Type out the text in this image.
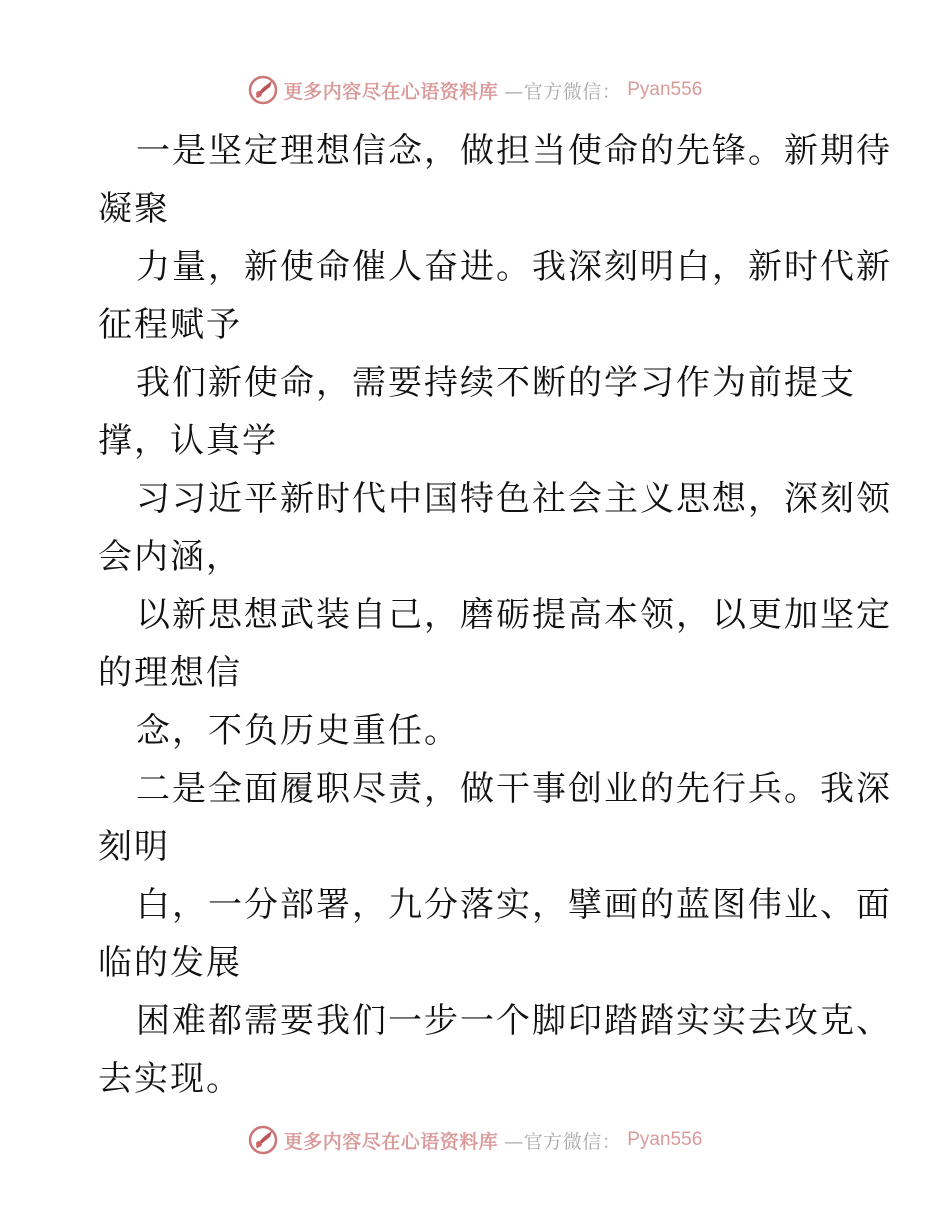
更多内容尽在心语资料库 —官方微信： Pyan556
一是坚定理想信念，做担当使命的先锋。新期待
凝聚
力量，新使命催人奋进。我深刻明白，新时代新
征程赋予
我们新使命，需要持续不断的学习作为前提支
撑，认真学
习习近平新时代中国特色社会主义思想，深刻领
会内涵，
以新思想武装自己，磨砺提高本领，以更加坚定
的理想信
念，不负历史重任。
二是全面履职尽责，做干事创业的先行兵。我深
刻明
白，一分部署，九分落实，擘画的蓝图伟业、面
临的发展
困难都需要我们一步一个脚印踏踏实实去攻克、
去实现。
更多内容尽在心语资料库 —官方微信： Pyan556
